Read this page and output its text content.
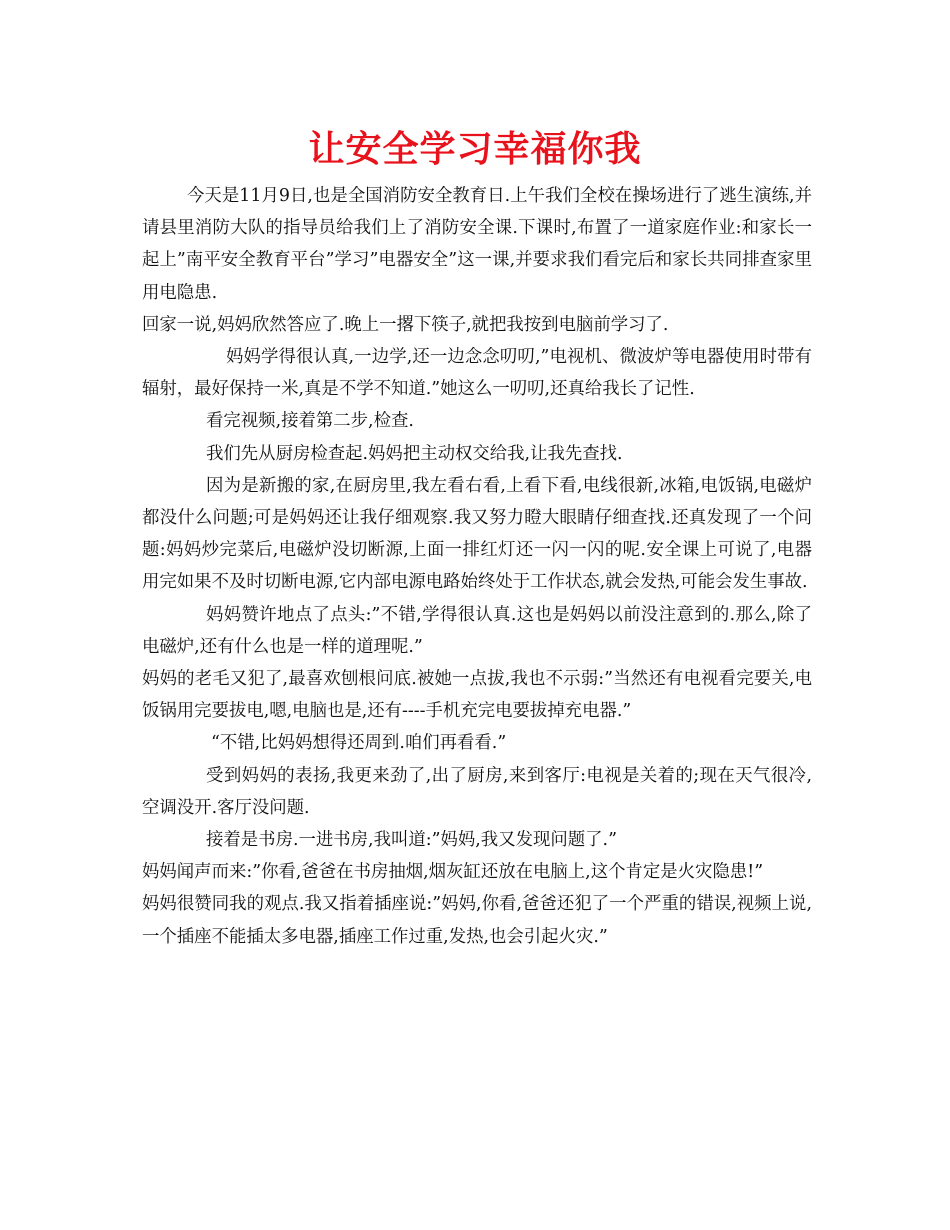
让安全学习幸福你我

今天是11月9日,也是全国消防安全教育日.上午我们全校在操场进行了逃生演练,并请县里消防大队的指导员给我们上了消防安全课.下课时,布置了一道家庭作业:和家长一起上”南平安全教育平台”学习”电器安全”这一课,并要求我们看完后和家长共同排查家里用电隐患.

回家一说,妈妈欣然答应了.晚上一撂下筷子,就把我按到电脑前学习了.

妈妈学得很认真,一边学,还一边念念叨叨,”电视机、微波炉等电器使用时带有辐射，最好保持一米,真是不学不知道.”她这么一叨叨,还真给我长了记性.

看完视频,接着第二步,检查.

我们先从厨房检查起.妈妈把主动权交给我,让我先查找.

因为是新搬的家,在厨房里,我左看右看,上看下看,电线很新,冰箱,电饭锅,电磁炉都没什么问题;可是妈妈还让我仔细观察.我又努力瞪大眼睛仔细查找.还真发现了一个问题:妈妈炒完菜后,电磁炉没切断源,上面一排红灯还一闪一闪的呢.安全课上可说了,电器用完如果不及时切断电源,它内部电源电路始终处于工作状态,就会发热,可能会发生事故.

妈妈赞许地点了点头:”不错,学得很认真.这也是妈妈以前没注意到的.那么,除了电磁炉,还有什么也是一样的道理呢.”

妈妈的老毛又犯了,最喜欢刨根问底.被她一点拔,我也不示弱:”当然还有电视看完要关,电饭锅用完要拔电,嗯,电脑也是,还有----手机充完电要拔掉充电器.”

“不错,比妈妈想得还周到.咱们再看看.”

受到妈妈的表扬,我更来劲了,出了厨房,来到客厅:电视是关着的;现在天气很冷,空调没开.客厅没问题.

接着是书房.一进书房,我叫道:”妈妈,我又发现问题了.”

妈妈闻声而来:”你看,爸爸在书房抽烟,烟灰缸还放在电脑上,这个肯定是火灾隐患!”

妈妈很赞同我的观点.我又指着插座说:”妈妈,你看,爸爸还犯了一个严重的错误,视频上说,一个插座不能插太多电器,插座工作过重,发热,也会引起火灾.”
